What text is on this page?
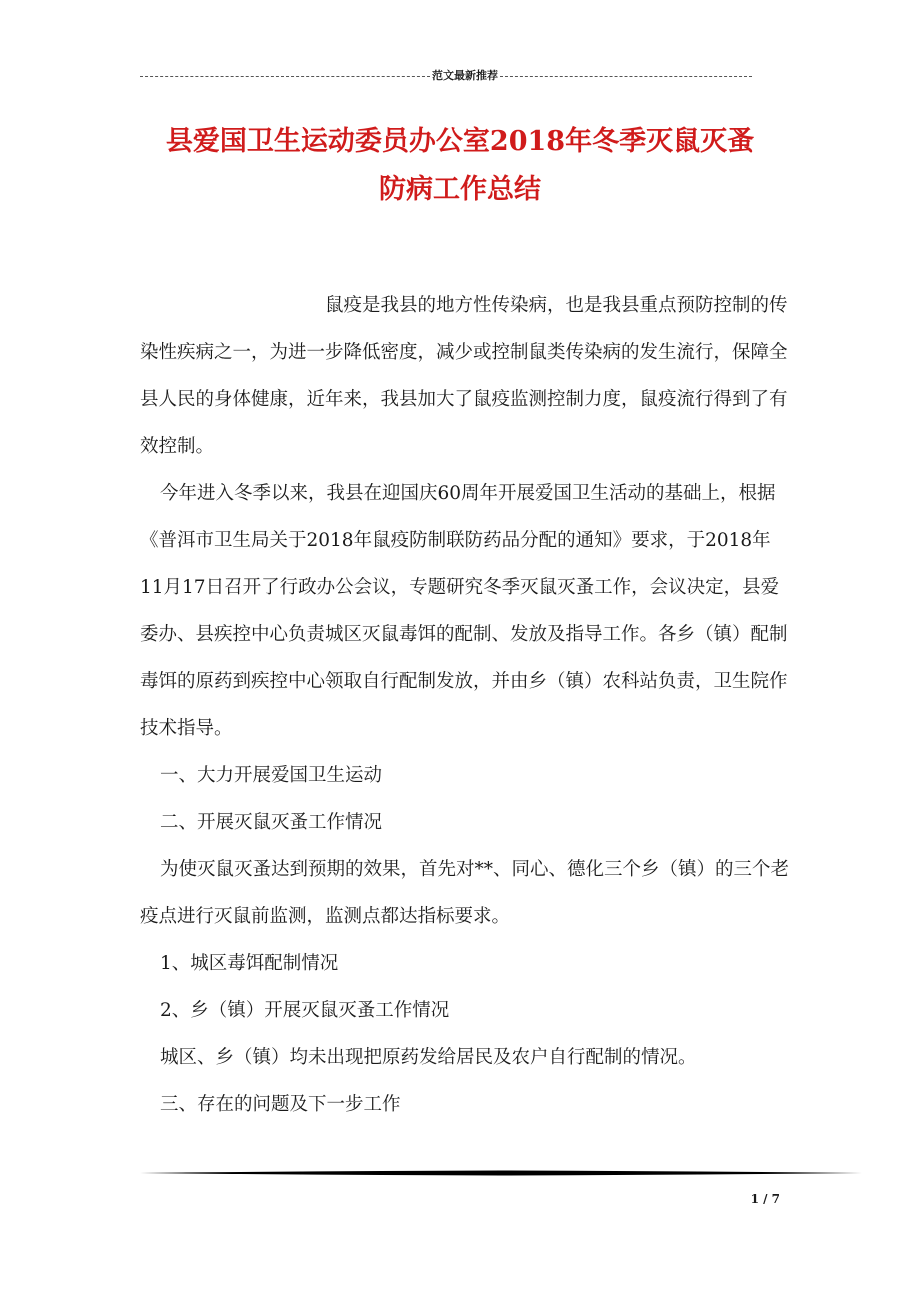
范文最新推荐
县爱国卫生运动委员办公室2018年冬季灭鼠灭蚤
防病工作总结

鼠疫是我县的地方性传染病，也是我县重点预防控制的传染性疾病之一，为进一步降低密度，减少或控制鼠类传染病的发生流行，保障全县人民的身体健康，近年来，我县加大了鼠疫监测控制力度，鼠疫流行得到了有效控制。

今年进入冬季以来，我县在迎国庆60周年开展爱国卫生活动的基础上，根据《普洱市卫生局关于2018年鼠疫防制联防药品分配的通知》要求，于2018年11月17日召开了行政办公会议，专题研究冬季灭鼠灭蚤工作，会议决定，县爱委办、县疾控中心负责城区灭鼠毒饵的配制、发放及指导工作。各乡（镇）配制毒饵的原药到疾控中心领取自行配制发放，并由乡（镇）农科站负责，卫生院作技术指导。

一、大力开展爱国卫生运动

二、开展灭鼠灭蚤工作情况

为使灭鼠灭蚤达到预期的效果，首先对**、同心、德化三个乡（镇）的三个老疫点进行灭鼠前监测，监测点都达指标要求。

1、城区毒饵配制情况

2、乡（镇）开展灭鼠灭蚤工作情况

城区、乡（镇）均未出现把原药发给居民及农户自行配制的情况。

三、存在的问题及下一步工作

1 / 7
